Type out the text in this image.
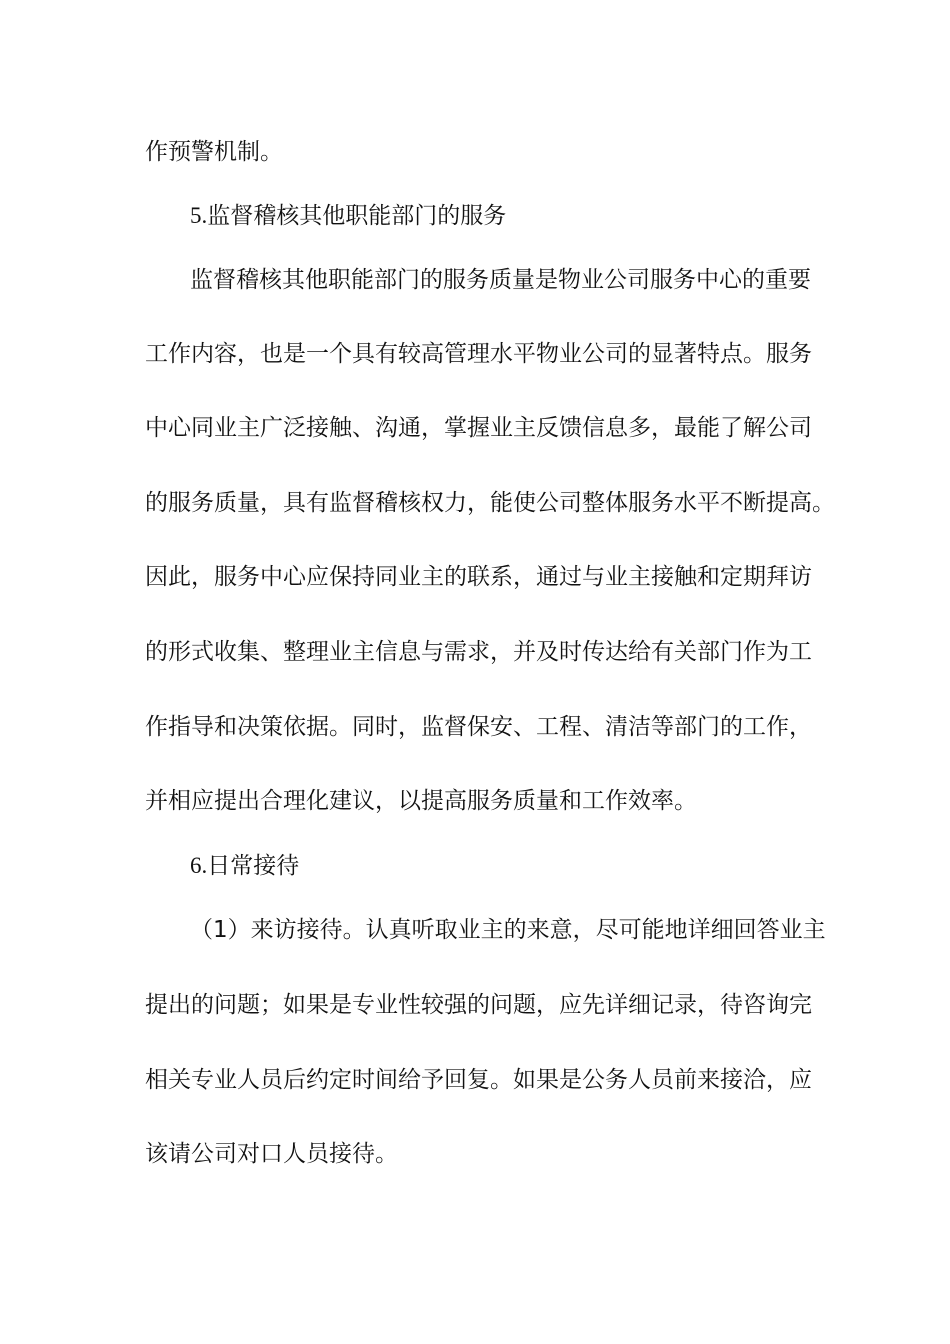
作预警机制。
5.监督稽核其他职能部门的服务
监督稽核其他职能部门的服务质量是物业公司服务中心的重要
工作内容，也是一个具有较高管理水平物业公司的显著特点。服务
中心同业主广泛接触、沟通，掌握业主反馈信息多，最能了解公司
的服务质量，具有监督稽核权力，能使公司整体服务水平不断提高。
因此，服务中心应保持同业主的联系，通过与业主接触和定期拜访
的形式收集、整理业主信息与需求，并及时传达给有关部门作为工
作指导和决策依据。同时，监督保安、工程、清洁等部门的工作，
并相应提出合理化建议，以提高服务质量和工作效率。
6.日常接待
（1）来访接待。认真听取业主的来意，尽可能地详细回答业主
提出的问题；如果是专业性较强的问题，应先详细记录，待咨询完
相关专业人员后约定时间给予回复。如果是公务人员前来接洽，应
该请公司对口人员接待。
